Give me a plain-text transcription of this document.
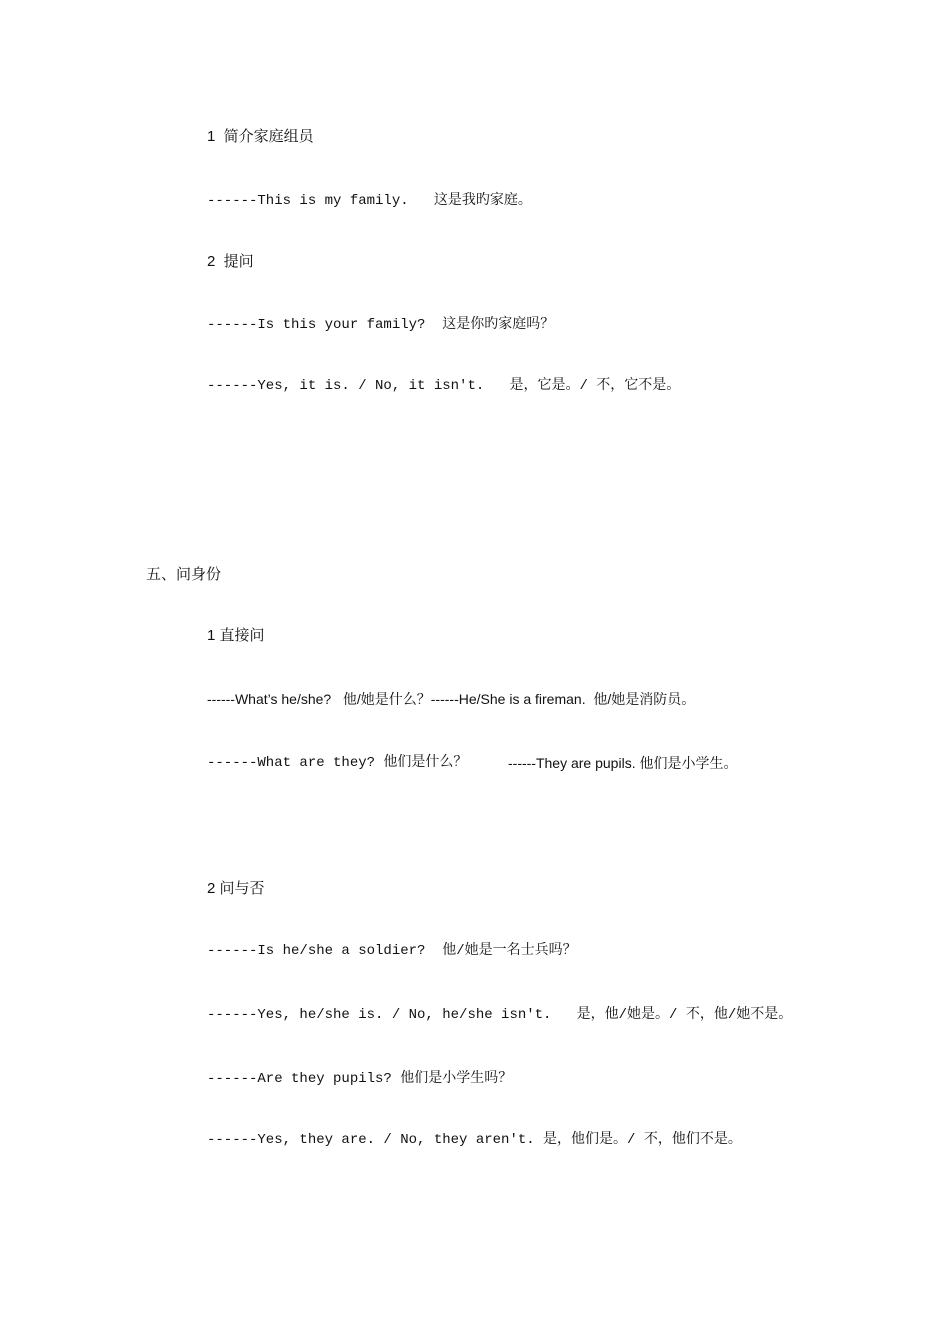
1  简介家庭组员
------This is my family.   这是我旳家庭。
2  提问
------Is this your family?  这是你旳家庭吗？
------Yes, it is. / No, it isn't.   是，它是。/ 不，它不是。
五、问身份
1 直接问
------What’s he/she?   他/她是什么？------He/She is a fireman.  他/她是消防员。
------What are they? 他们是什么？	------They are pupils. 他们是小学生。
2 问与否
------Is he/she a soldier?  他/她是一名士兵吗？
------Yes, he/she is. / No, he/she isn't.   是，他/她是。/ 不，他/她不是。
------Are they pupils? 他们是小学生吗？
------Yes, they are. / No, they aren't. 是，他们是。/ 不，他们不是。
